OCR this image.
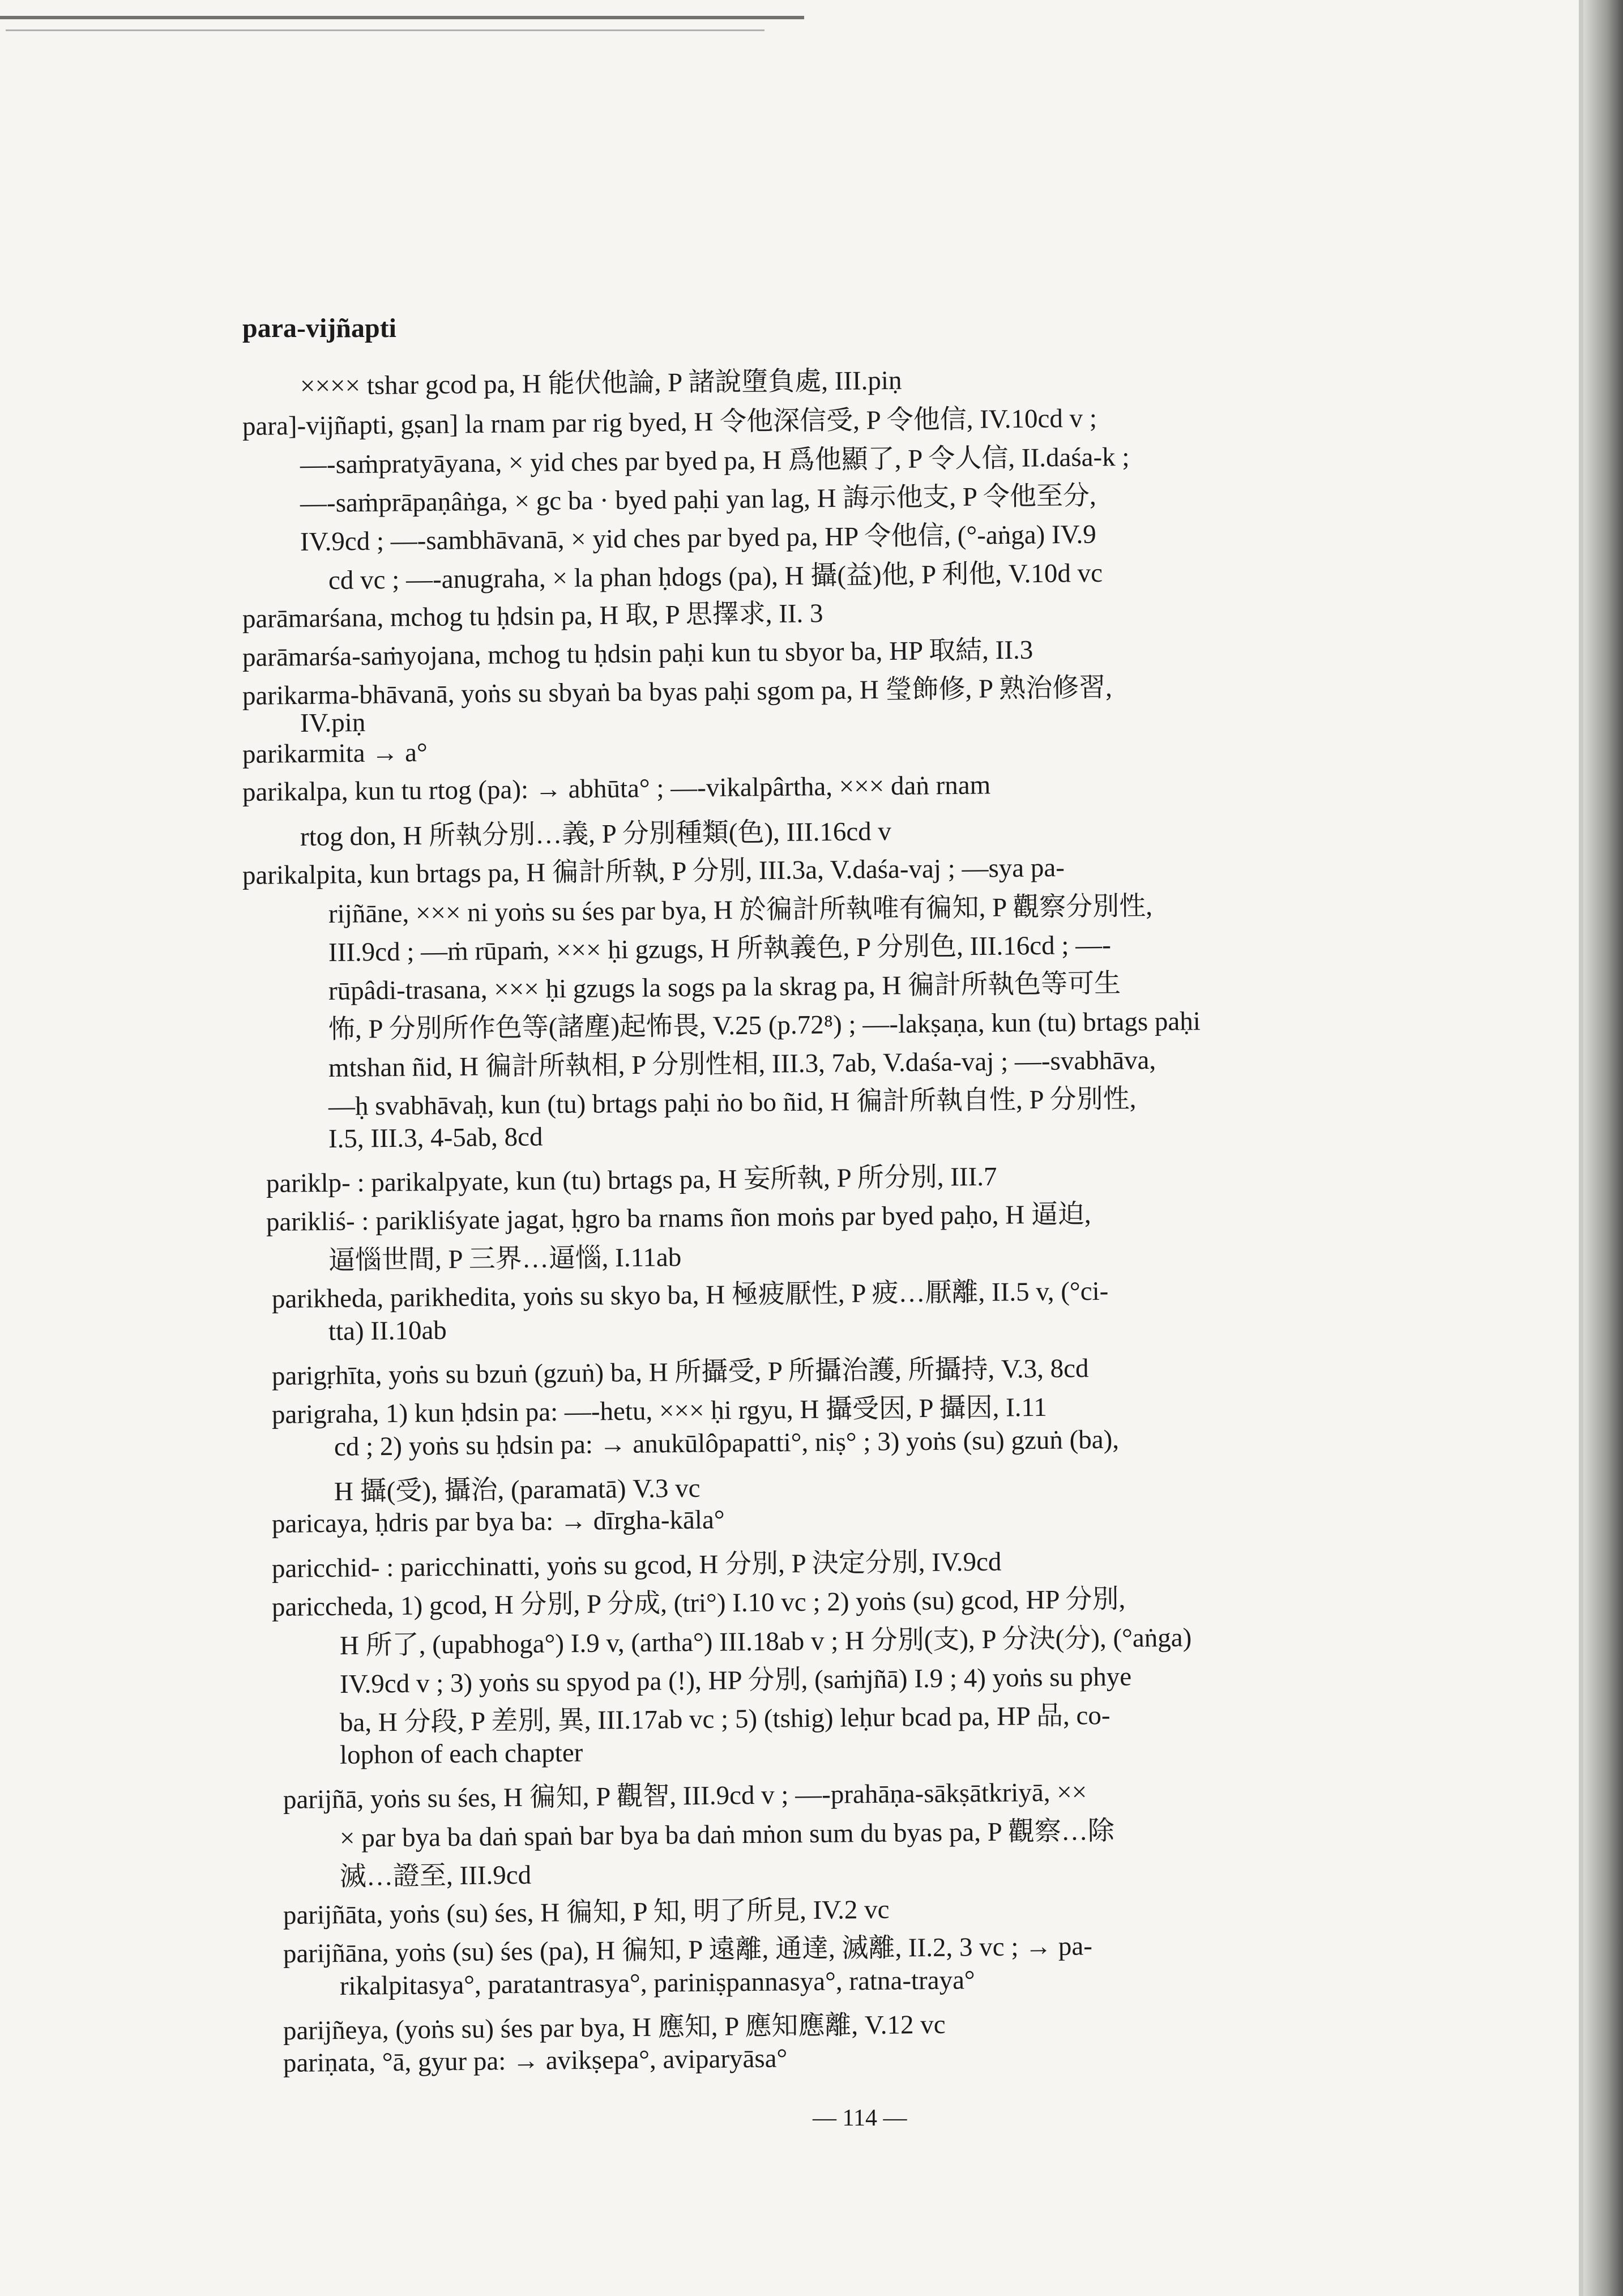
para-vijñapti
×××× tshar gcod pa, H 能伏他論, P 諸說墮負處, III.piṇ
para]-vijñapti, gṣan] la rnam par rig byed, H 令他深信受, P 令他信, IV.10cd v ;
—-saṁpratyāyana, × yid ches par byed pa, H 爲他顯了, P 令人信, II.daśa-k ;
—-saṁprāpaṇâṅga, × gc ba · byed paḥi yan lag, H 誨示他支, P 令他至分,
IV.9cd ; —-sambhāvanā, × yid ches par byed pa, HP 令他信, (°-aṅga) IV.9
cd vc ; —-anugraha, × la phan ḥdogs (pa), H 攝(益)他, P 利他, V.10d vc
parāmarśana, mchog tu ḥdsin pa, H 取, P 思擇求, II. 3
parāmarśa-saṁyojana, mchog tu ḥdsin paḥi kun tu sbyor ba, HP 取結, II.3
parikarma-bhāvanā, yoṅs su sbyaṅ ba byas paḥi sgom pa, H 瑩飾修, P 熟治修習,
IV.piṇ
parikarmita → a°
parikalpa, kun tu rtog (pa): → abhūta° ; —-vikalpârtha, ××× daṅ rnam
rtog don, H 所執分別…義, P 分別種類(色), III.16cd v
parikalpita, kun brtags pa, H 徧計所執, P 分別, III.3a, V.daśa-vaj ; —sya pa-
rijñāne, ××× ni yoṅs su śes par bya, H 於徧計所執唯有徧知, P 觀察分別性,
III.9cd ; —ṁ rūpaṁ, ××× ḥi gzugs, H 所執義色, P 分別色, III.16cd ; —-
rūpâdi-trasana, ××× ḥi gzugs la sogs pa la skrag pa, H 徧計所執色等可生
怖, P 分別所作色等(諸塵)起怖畏, V.25 (p.72⁸) ; —-lakṣaṇa, kun (tu) brtags paḥi
mtshan ñid, H 徧計所執相, P 分別性相, III.3, 7ab, V.daśa-vaj ; —-svabhāva,
—ḥ svabhāvaḥ, kun (tu) brtags paḥi ṅo bo ñid, H 徧計所執自性, P 分別性,
I.5, III.3, 4-5ab, 8cd
pariklp- : parikalpyate, kun (tu) brtags pa, H 妄所執, P 所分別, III.7
parikliś- : parikliśyate jagat, ḥgro ba rnams ñon moṅs par byed paḥo, H 逼迫,
逼惱世間, P 三界…逼惱, I.11ab
parikheda, parikhedita, yoṅs su skyo ba, H 極疲厭性, P 疲…厭離, II.5 v, (°ci-
tta) II.10ab
parigṛhīta, yoṅs su bzuṅ (gzuṅ) ba, H 所攝受, P 所攝治護, 所攝持, V.3, 8cd
parigraha, 1) kun ḥdsin pa: —-hetu, ××× ḥi rgyu, H 攝受因, P 攝因, I.11
cd ; 2) yoṅs su ḥdsin pa: → anukūlôpapatti°, niṣ° ; 3) yoṅs (su) gzuṅ (ba),
H 攝(受), 攝治, (paramatā) V.3 vc
paricaya, ḥdris par bya ba: → dīrgha-kāla°
paricchid- : paricchinatti, yoṅs su gcod, H 分別, P 決定分別, IV.9cd
pariccheda, 1) gcod, H 分別, P 分成, (tri°) I.10 vc ; 2) yoṅs (su) gcod, HP 分別,
H 所了, (upabhoga°) I.9 v, (artha°) III.18ab v ; H 分別(支), P 分決(分), (°aṅga)
IV.9cd v ; 3) yoṅs su spyod pa (!), HP 分別, (saṁjñā) I.9 ; 4) yoṅs su phye
ba, H 分段, P 差別, 異, III.17ab vc ; 5) (tshig) leḥur bcad pa, HP 品, co-
lophon of each chapter
parijñā, yoṅs su śes, H 徧知, P 觀智, III.9cd v ; —-prahāṇa-sākṣātkriyā, ××
× par bya ba daṅ spaṅ bar bya ba daṅ mṅon sum du byas pa, P 觀察…除
滅…證至, III.9cd
parijñāta, yoṅs (su) śes, H 徧知, P 知, 明了所見, IV.2 vc
parijñāna, yoṅs (su) śes (pa), H 徧知, P 遠離, 通達, 滅離, II.2, 3 vc ; → pa-
rikalpitasya°, paratantrasya°, pariniṣpannasya°, ratna-traya°
parijñeya, (yoṅs su) śes par bya, H 應知, P 應知應離, V.12 vc
pariṇata, °ā, gyur pa: → avikṣepa°, aviparyāsa°
— 114 —
